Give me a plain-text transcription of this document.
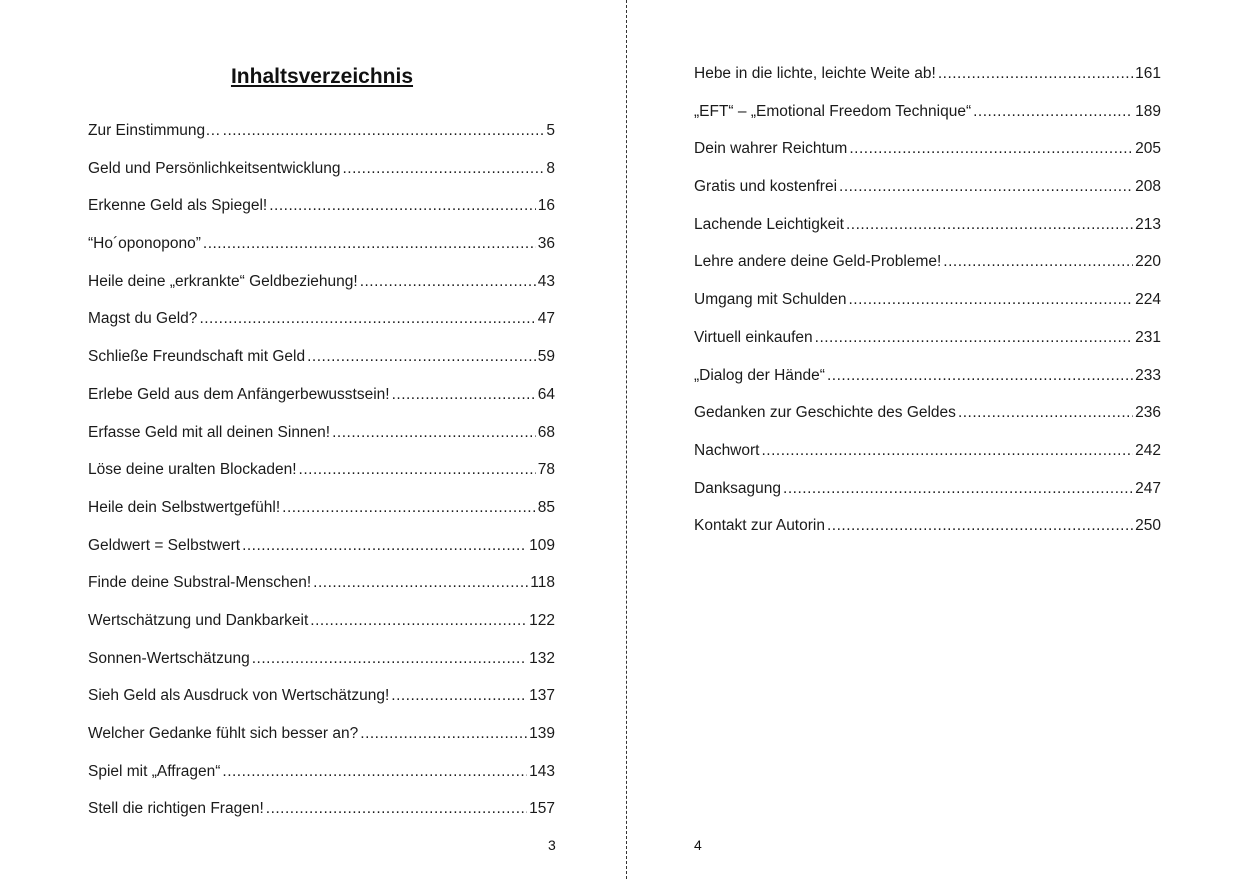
Inhaltsverzeichnis
Zur Einstimmung… .....	5
Geld und Persönlichkeitsentwicklung .....	8
Erkenne Geld als Spiegel! .....	16
“Ho´oponopono” .....	36
Heile deine „erkrankte“ Geldbeziehung! .....	43
Magst du Geld? .....	47
Schließe Freundschaft mit Geld .....	59
Erlebe Geld aus dem Anfängerbewusstsein! .....	64
Erfasse Geld mit all deinen Sinnen! .....	68
Löse deine uralten Blockaden! .....	78
Heile dein Selbstwertgefühl! .....	85
Geldwert = Selbstwert .....	109
Finde deine Substral-Menschen! .....	118
Wertschätzung und Dankbarkeit .....	122
Sonnen-Wertschätzung .....	132
Sieh Geld als Ausdruck von Wertschätzung! .....	137
Welcher Gedanke fühlt sich besser an? .....	139
Spiel mit „Affragen“ .....	143
Stell die richtigen Fragen! .....	157
3
Hebe in die lichte, leichte Weite ab! .....	161
„EFT“ – „Emotional Freedom Technique“ .....	189
Dein wahrer Reichtum .....	205
Gratis und kostenfrei .....	208
Lachende Leichtigkeit .....	213
Lehre andere deine Geld-Probleme! .....	220
Umgang mit Schulden .....	224
Virtuell einkaufen .....	231
„Dialog der Hände“ .....	233
Gedanken zur Geschichte des Geldes .....	236
Nachwort .....	242
Danksagung .....	247
Kontakt zur Autorin .....	250
4
